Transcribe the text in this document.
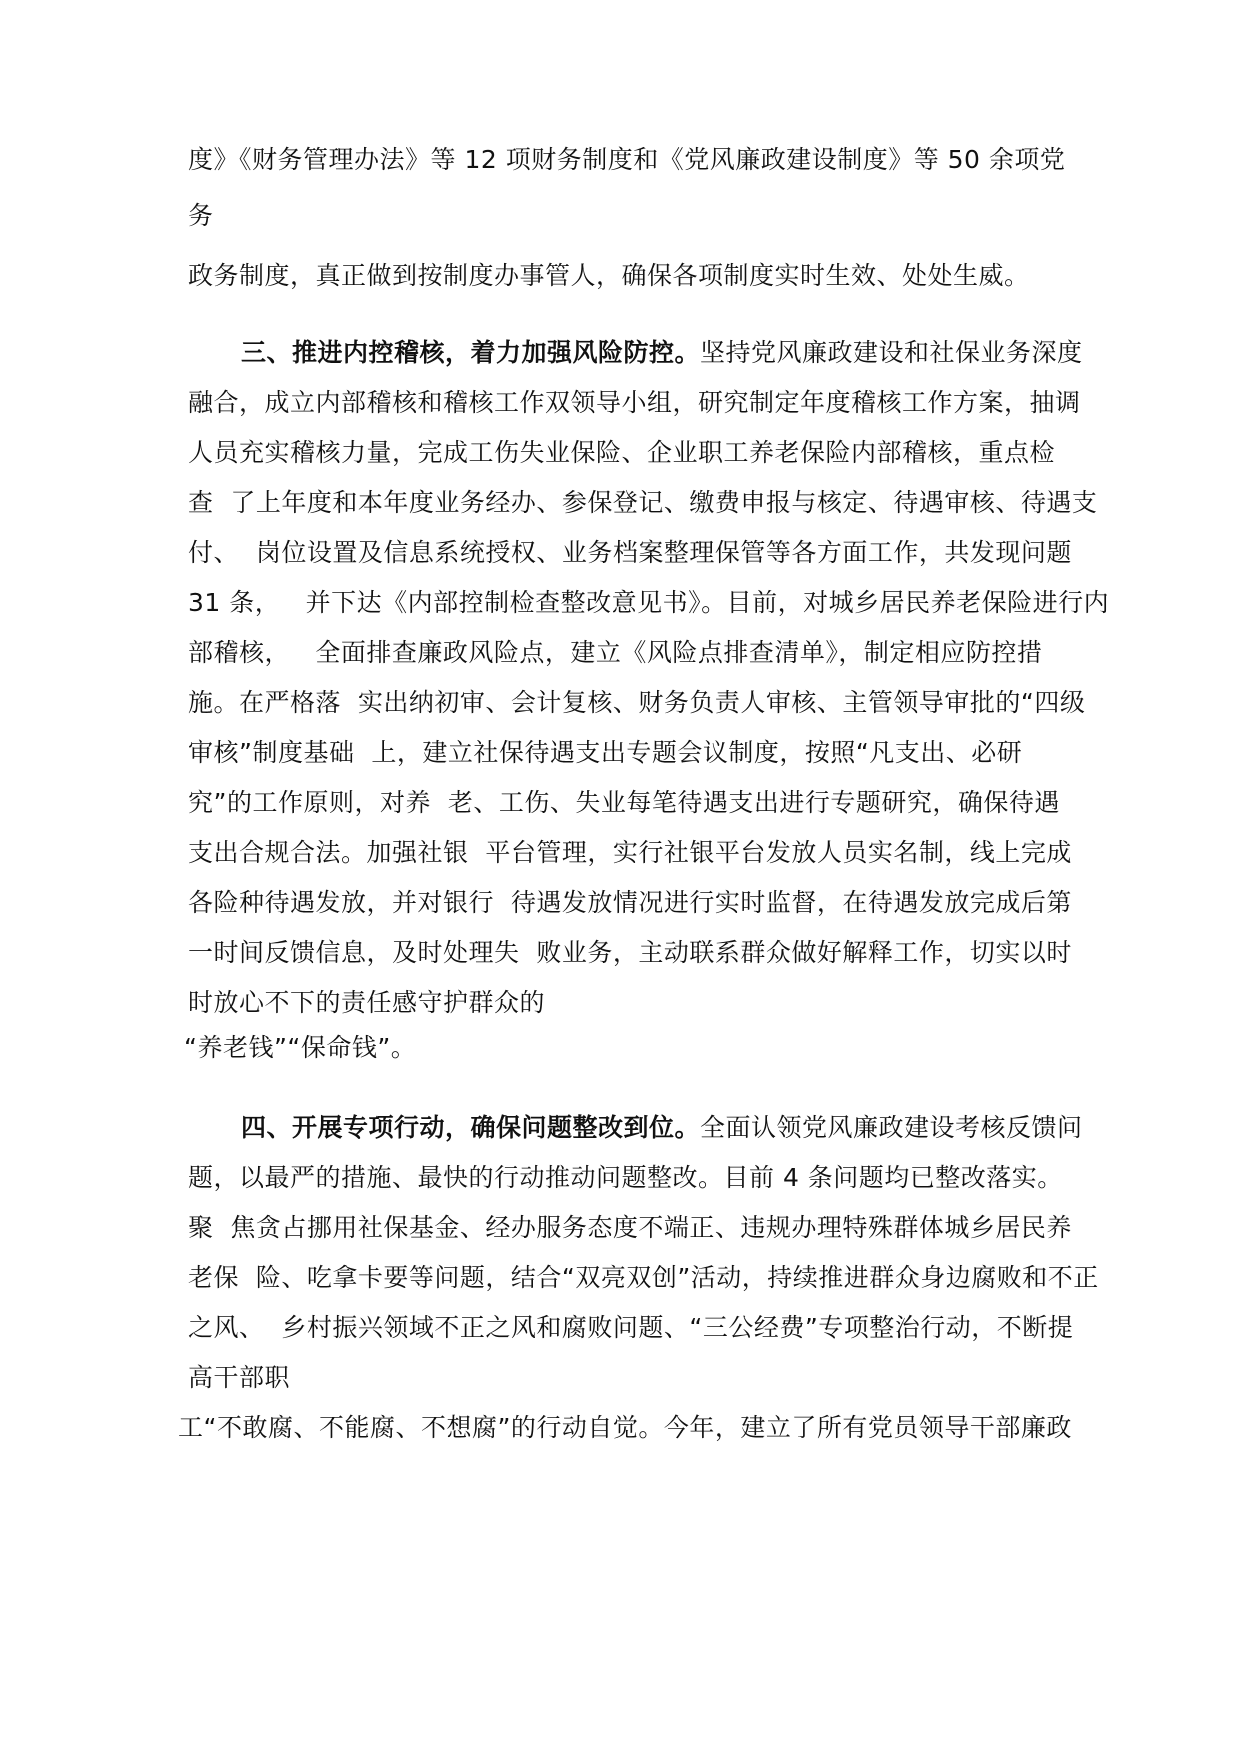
度》《财务管理办法》等 12 项财务制度和《党风廉政建设制度》等 50 余项党

务

政务制度，真正做到按制度办事管人，确保各项制度实时生效、处处生威。

三、推进内控稽核，着力加强风险防控。坚持党风廉政建设和社保业务深度

融合，成立内部稽核和稽核工作双领导小组，研究制定年度稽核工作方案，抽调

人员充实稽核力量，完成工伤失业保险、企业职工养老保险内部稽核，重点检

查  了上年度和本年度业务经办、参保登记、缴费申报与核定、待遇审核、待遇支

付、  岗位设置及信息系统授权、业务档案整理保管等各方面工作，共发现问题

31 条，   并下达《内部控制检查整改意见书》。目前，对城乡居民养老保险进行内

部稽核，   全面排查廉政风险点，建立《风险点排查清单》，制定相应防控措

施。在严格落  实出纳初审、会计复核、财务负责人审核、主管领导审批的“四级

审核”制度基础  上，建立社保待遇支出专题会议制度，按照“凡支出、必研

究”的工作原则，对养  老、工伤、失业每笔待遇支出进行专题研究，确保待遇

支出合规合法。加强社银  平台管理，实行社银平台发放人员实名制，线上完成

各险种待遇发放，并对银行  待遇发放情况进行实时监督，在待遇发放完成后第

一时间反馈信息，及时处理失  败业务，主动联系群众做好解释工作，切实以时

时放心不下的责任感守护群众的

“养老钱”“保命钱”。

四、开展专项行动，确保问题整改到位。全面认领党风廉政建设考核反馈问

题，以最严的措施、最快的行动推动问题整改。目前 4 条问题均已整改落实。

聚  焦贪占挪用社保基金、经办服务态度不端正、违规办理特殊群体城乡居民养

老保  险、吃拿卡要等问题，结合“双亮双创”活动，持续推进群众身边腐败和不正

之风、  乡村振兴领域不正之风和腐败问题、“三公经费”专项整治行动，不断提

高干部职

工“不敢腐、不能腐、不想腐”的行动自觉。今年，建立了所有党员领导干部廉政
